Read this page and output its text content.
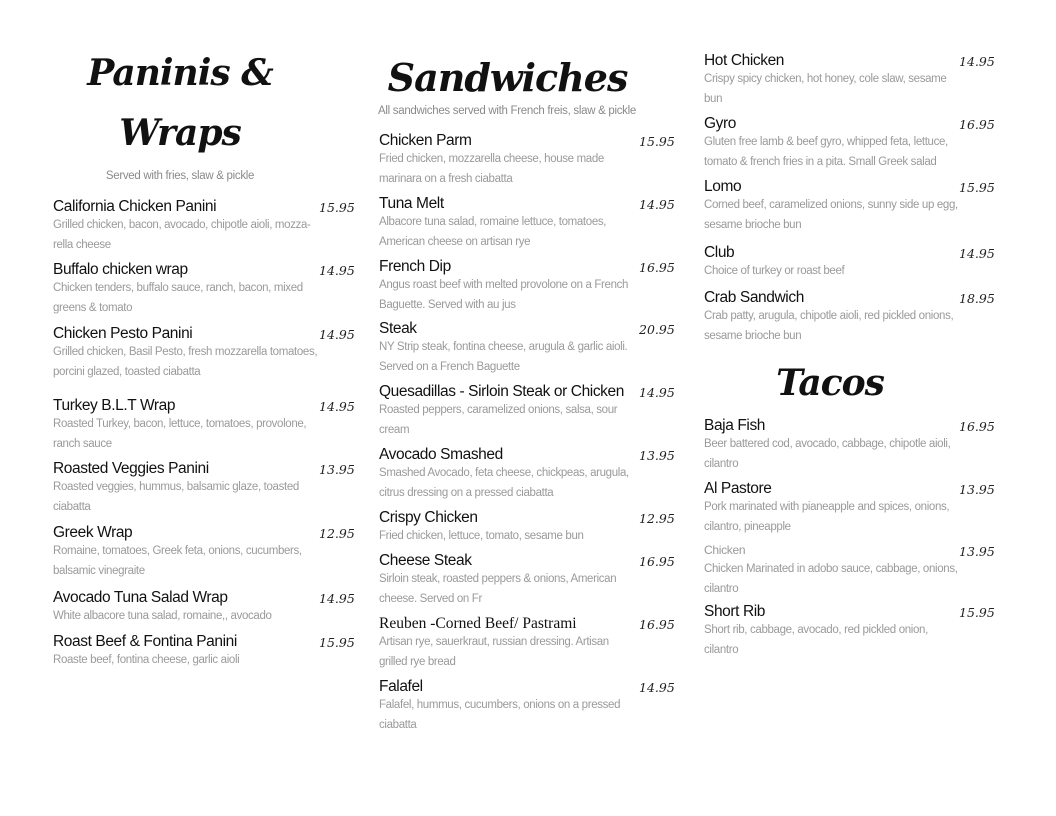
Paninis &
Wraps
Served with fries, slaw & pickle
Sandwiches
All sandwiches served with French freis, slaw & pickle
Tacos
California Chicken Panini
Grilled chicken, bacon, avocado, chipotle aioli, mozza-
rella cheese
15.95
Buffalo chicken wrap
Chicken tenders, buffalo sauce, ranch, bacon, mixed
greens & tomato
14.95
Chicken Pesto Panini
Grilled chicken, Basil Pesto, fresh mozzarella tomatoes,
porcini glazed, toasted ciabatta
14.95
Turkey B.L.T Wrap
Roasted Turkey, bacon, lettuce, tomatoes, provolone,
ranch sauce
14.95
Roasted Veggies Panini
Roasted veggies, hummus, balsamic glaze, toasted
ciabatta
13.95
Greek Wrap
Romaine, tomatoes, Greek feta, onions, cucumbers,
balsamic vinegraite
12.95
Avocado Tuna Salad Wrap
White albacore tuna salad, romaine,, avocado
14.95
Roast Beef & Fontina Panini
Roaste beef, fontina cheese, garlic aioli
15.95
Chicken Parm
Fried chicken, mozzarella cheese, house made
marinara on a fresh ciabatta
15.95
Tuna Melt
Albacore tuna salad, romaine lettuce, tomatoes,
American cheese on artisan rye
14.95
French Dip
Angus roast beef with melted provolone on a French
Baguette. Served with au jus
16.95
Steak
NY Strip steak, fontina cheese, arugula & garlic aioli.
Served on a French Baguette
20.95
Quesadillas - Sirloin Steak or Chicken
Roasted peppers, caramelized onions, salsa, sour
cream
14.95
Avocado Smashed
Smashed Avocado, feta cheese, chickpeas, arugula,
citrus dressing on a pressed ciabatta
13.95
Crispy Chicken
Fried chicken, lettuce, tomato, sesame bun
12.95
Cheese Steak
Sirloin steak, roasted peppers & onions, American
cheese. Served on Fr
16.95
Reuben -Corned Beef/ Pastrami
Artisan rye, sauerkraut, russian dressing. Artisan
grilled rye bread
16.95
Falafel
Falafel, hummus, cucumbers, onions on a pressed
ciabatta
14.95
Hot Chicken
Crispy spicy chicken, hot honey, cole slaw, sesame
bun
14.95
Gyro
Gluten free lamb & beef gyro, whipped feta, lettuce,
tomato & french fries in a pita. Small Greek salad
16.95
Lomo
Corned beef, caramelized onions, sunny side up egg,
sesame brioche bun
15.95
Club
Choice of turkey or roast beef
14.95
Crab Sandwich
Crab patty, arugula, chipotle aioli, red pickled onions,
sesame brioche bun
18.95
Baja Fish
Beer battered cod, avocado, cabbage, chipotle aioli,
cilantro
16.95
Al Pastore
Pork marinated with pianeapple and spices, onions,
cilantro, pineapple
13.95
Chicken
Chicken Marinated in adobo sauce, cabbage, onions,
cilantro
13.95
Short Rib
Short rib, cabbage, avocado, red pickled onion,
cilantro
15.95
